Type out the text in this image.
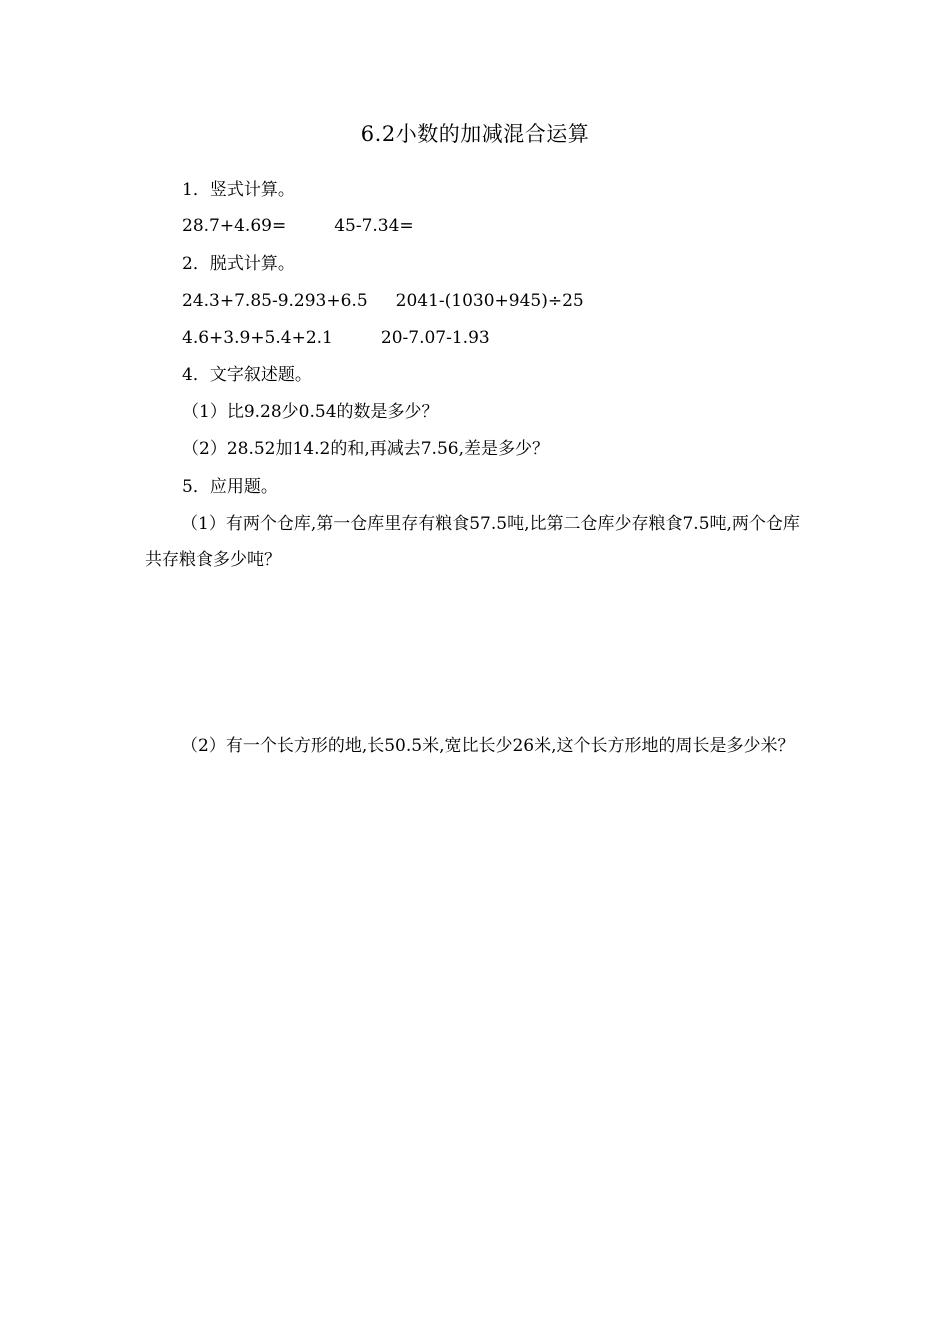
6.2小数的加减混合运算
1．竖式计算。
28.7+4.69=	45-7.34=
2．脱式计算。
24.3+7.85-9.293+6.5 2041-(1030+945)÷25
4.6+3.9+5.4+2.1	20-7.07-1.93
4．文字叙述题。
（1）比9.28少0.54的数是多少？
（2）28.52加14.2的和,再减去7.56,差是多少？
5．应用题。
（1）有两个仓库,第一仓库里存有粮食57.5吨,比第二仓库少存粮食7.5吨,两个仓库共存粮食多少吨？
（2）有一个长方形的地,长50.5米,宽比长少26米,这个长方形地的周长是多少米？
